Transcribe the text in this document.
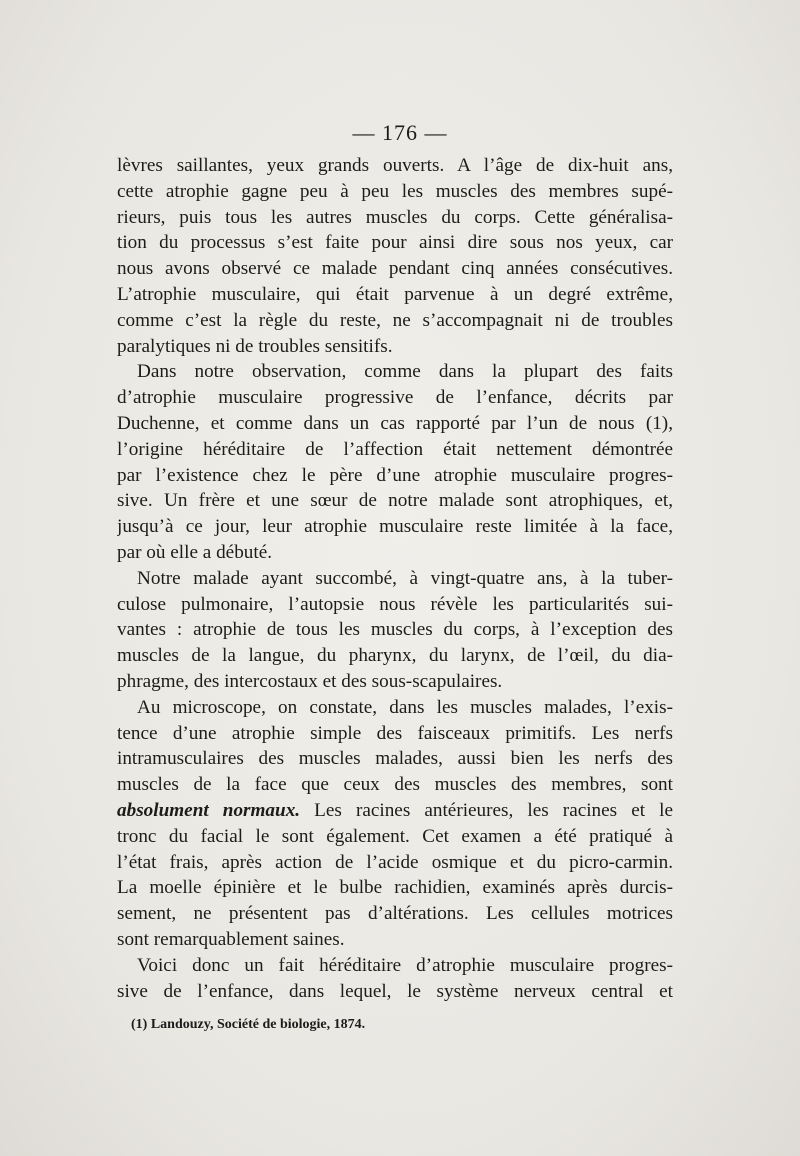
— 176 —
lèvres saillantes, yeux grands ouverts. A l’âge de dix-huit ans,
cette atrophie gagne peu à peu les muscles des membres supé-
rieurs, puis tous les autres muscles du corps. Cette généralisa-
tion du processus s’est faite pour ainsi dire sous nos yeux, car
nous avons observé ce malade pendant cinq années consécutives.
L’atrophie musculaire, qui était parvenue à un degré extrême,
comme c’est la règle du reste, ne s’accompagnait ni de troubles
paralytiques ni de troubles sensitifs.
Dans notre observation, comme dans la plupart des faits
d’atrophie musculaire progressive de l’enfance, décrits par
Duchenne, et comme dans un cas rapporté par l’un de nous (1),
l’origine héréditaire de l’affection était nettement démontrée
par l’existence chez le père d’une atrophie musculaire progres-
sive. Un frère et une sœur de notre malade sont atrophiques, et,
jusqu’à ce jour, leur atrophie musculaire reste limitée à la face,
par où elle a débuté.
Notre malade ayant succombé, à vingt-quatre ans, à la tuber-
culose pulmonaire, l’autopsie nous révèle les particularités sui-
vantes : atrophie de tous les muscles du corps, à l’exception des
muscles de la langue, du pharynx, du larynx, de l’œil, du dia-
phragme, des intercostaux et des sous-scapulaires.
Au microscope, on constate, dans les muscles malades, l’exis-
tence d’une atrophie simple des faisceaux primitifs. Les nerfs
intramusculaires des muscles malades, aussi bien les nerfs des
muscles de la face que ceux des muscles des membres, sont
absolument normaux. Les racines antérieures, les racines et le
tronc du facial le sont également. Cet examen a été pratiqué à
l’état frais, après action de l’acide osmique et du picro-carmin.
La moelle épinière et le bulbe rachidien, examinés après durcis-
sement, ne présentent pas d’altérations. Les cellules motrices
sont remarquablement saines.
Voici donc un fait héréditaire d’atrophie musculaire progres-
sive de l’enfance, dans lequel, le système nerveux central et
(1) Landouzy, Société de biologie, 1874.
